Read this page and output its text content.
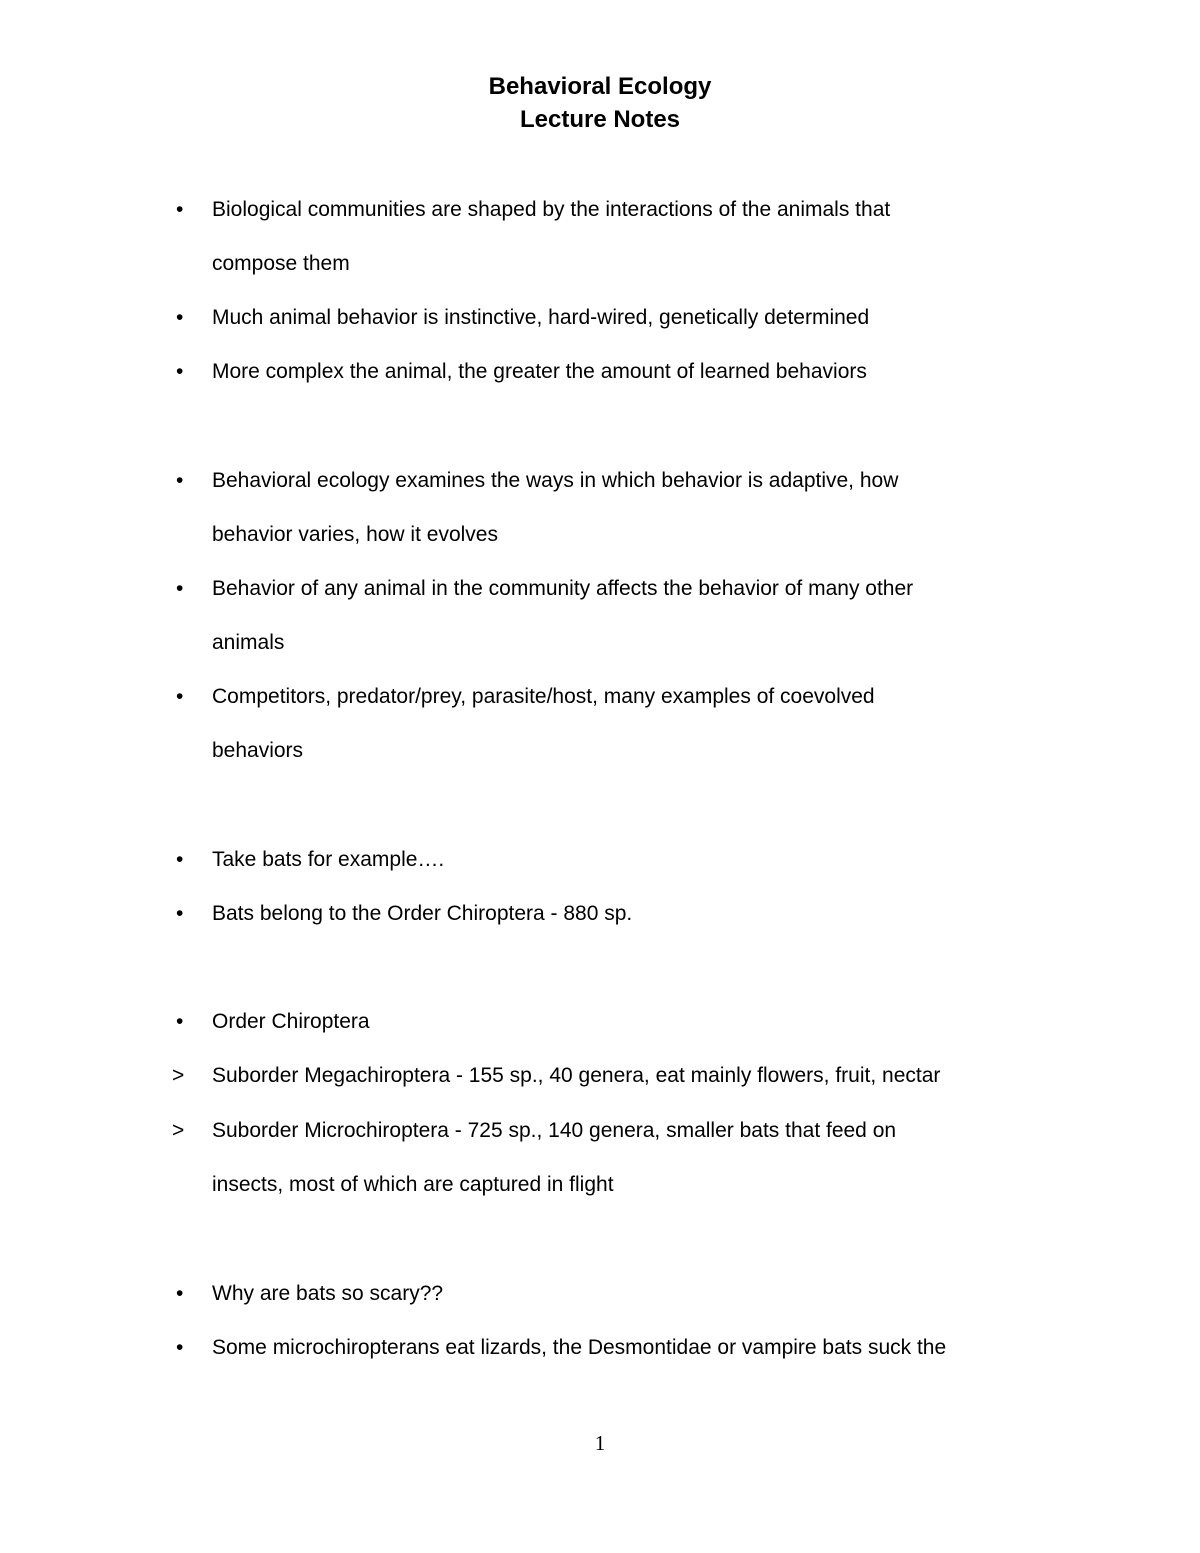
Behavioral Ecology
Lecture Notes
•	Biological communities are shaped by the interactions of the animals that
compose them
•	Much animal behavior is instinctive, hard-wired, genetically determined
•	More complex the animal, the greater the amount of learned behaviors
•	Behavioral ecology examines the ways in which behavior is adaptive, how
behavior varies, how it evolves
•	Behavior of any animal in the community affects the behavior of many other
animals
•	Competitors, predator/prey, parasite/host, many examples of coevolved
behaviors
•	Take bats for example….
•	Bats belong to the Order Chiroptera - 880 sp.
•	Order Chiroptera
>	Suborder Megachiroptera - 155 sp., 40 genera, eat mainly flowers, fruit, nectar
>	Suborder Microchiroptera - 725 sp., 140 genera, smaller bats that feed on
insects, most of which are captured in flight
•	Why are bats so scary??
•	Some microchiropterans eat lizards, the Desmontidae or vampire bats suck the
1
